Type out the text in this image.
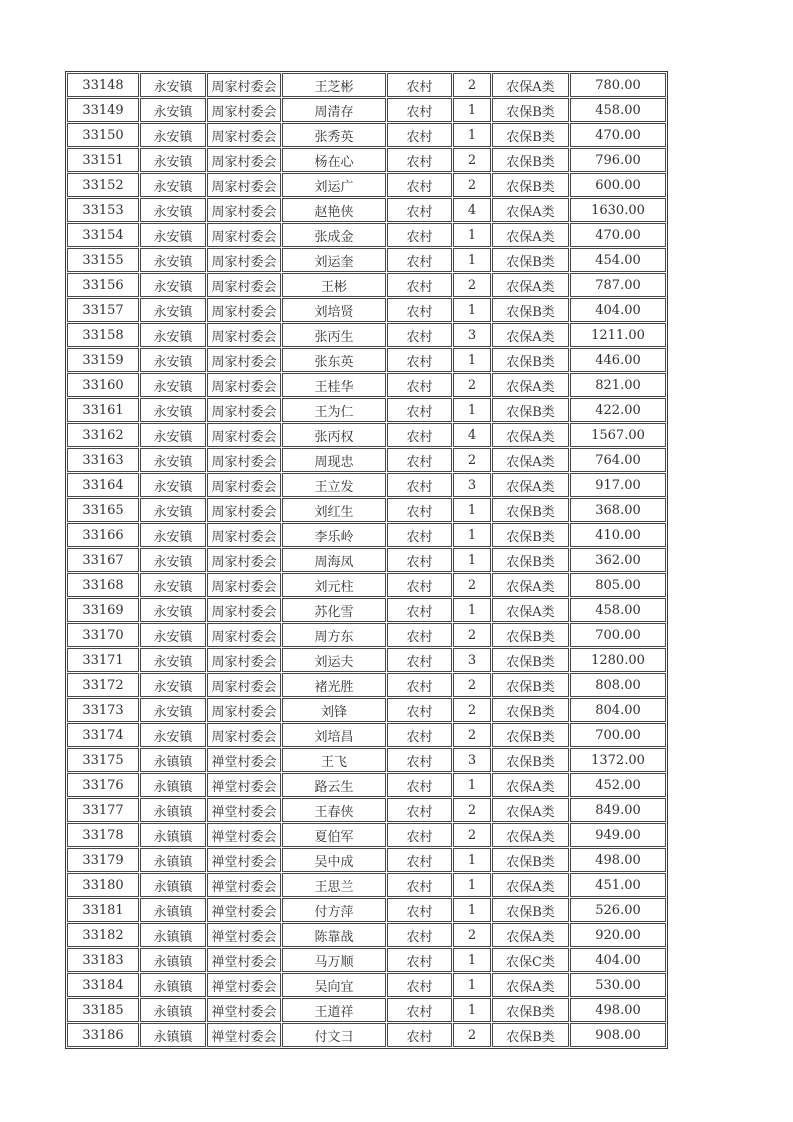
33148	永安镇	周家村委会	王芝彬	农村	2	农保A类	780.00
33149	永安镇	周家村委会	周清存	农村	1	农保B类	458.00
33150	永安镇	周家村委会	张秀英	农村	1	农保B类	470.00
33151	永安镇	周家村委会	杨在心	农村	2	农保B类	796.00
33152	永安镇	周家村委会	刘运广	农村	2	农保B类	600.00
33153	永安镇	周家村委会	赵艳侠	农村	4	农保A类	1630.00
33154	永安镇	周家村委会	张成金	农村	1	农保A类	470.00
33155	永安镇	周家村委会	刘运奎	农村	1	农保B类	454.00
33156	永安镇	周家村委会	王彬	农村	2	农保A类	787.00
33157	永安镇	周家村委会	刘培贤	农村	1	农保B类	404.00
33158	永安镇	周家村委会	张丙生	农村	3	农保A类	1211.00
33159	永安镇	周家村委会	张东英	农村	1	农保B类	446.00
33160	永安镇	周家村委会	王桂华	农村	2	农保A类	821.00
33161	永安镇	周家村委会	王为仁	农村	1	农保B类	422.00
33162	永安镇	周家村委会	张丙权	农村	4	农保A类	1567.00
33163	永安镇	周家村委会	周现忠	农村	2	农保A类	764.00
33164	永安镇	周家村委会	王立发	农村	3	农保A类	917.00
33165	永安镇	周家村委会	刘红生	农村	1	农保B类	368.00
33166	永安镇	周家村委会	李乐岭	农村	1	农保B类	410.00
33167	永安镇	周家村委会	周海凤	农村	1	农保B类	362.00
33168	永安镇	周家村委会	刘元柱	农村	2	农保A类	805.00
33169	永安镇	周家村委会	苏化雪	农村	1	农保A类	458.00
33170	永安镇	周家村委会	周方东	农村	2	农保B类	700.00
33171	永安镇	周家村委会	刘运夫	农村	3	农保B类	1280.00
33172	永安镇	周家村委会	褚光胜	农村	2	农保B类	808.00
33173	永安镇	周家村委会	刘锋	农村	2	农保B类	804.00
33174	永安镇	周家村委会	刘培昌	农村	2	农保B类	700.00
33175	永镇镇	禅堂村委会	王飞	农村	3	农保B类	1372.00
33176	永镇镇	禅堂村委会	路云生	农村	1	农保A类	452.00
33177	永镇镇	禅堂村委会	王春侠	农村	2	农保A类	849.00
33178	永镇镇	禅堂村委会	夏伯军	农村	2	农保A类	949.00
33179	永镇镇	禅堂村委会	吴中成	农村	1	农保B类	498.00
33180	永镇镇	禅堂村委会	王思兰	农村	1	农保A类	451.00
33181	永镇镇	禅堂村委会	付方萍	农村	1	农保B类	526.00
33182	永镇镇	禅堂村委会	陈靠战	农村	2	农保A类	920.00
33183	永镇镇	禅堂村委会	马万顺	农村	1	农保C类	404.00
33184	永镇镇	禅堂村委会	吴向宜	农村	1	农保A类	530.00
33185	永镇镇	禅堂村委会	王道祥	农村	1	农保B类	498.00
33186	永镇镇	禅堂村委会	付文彐	农村	2	农保B类	908.00
